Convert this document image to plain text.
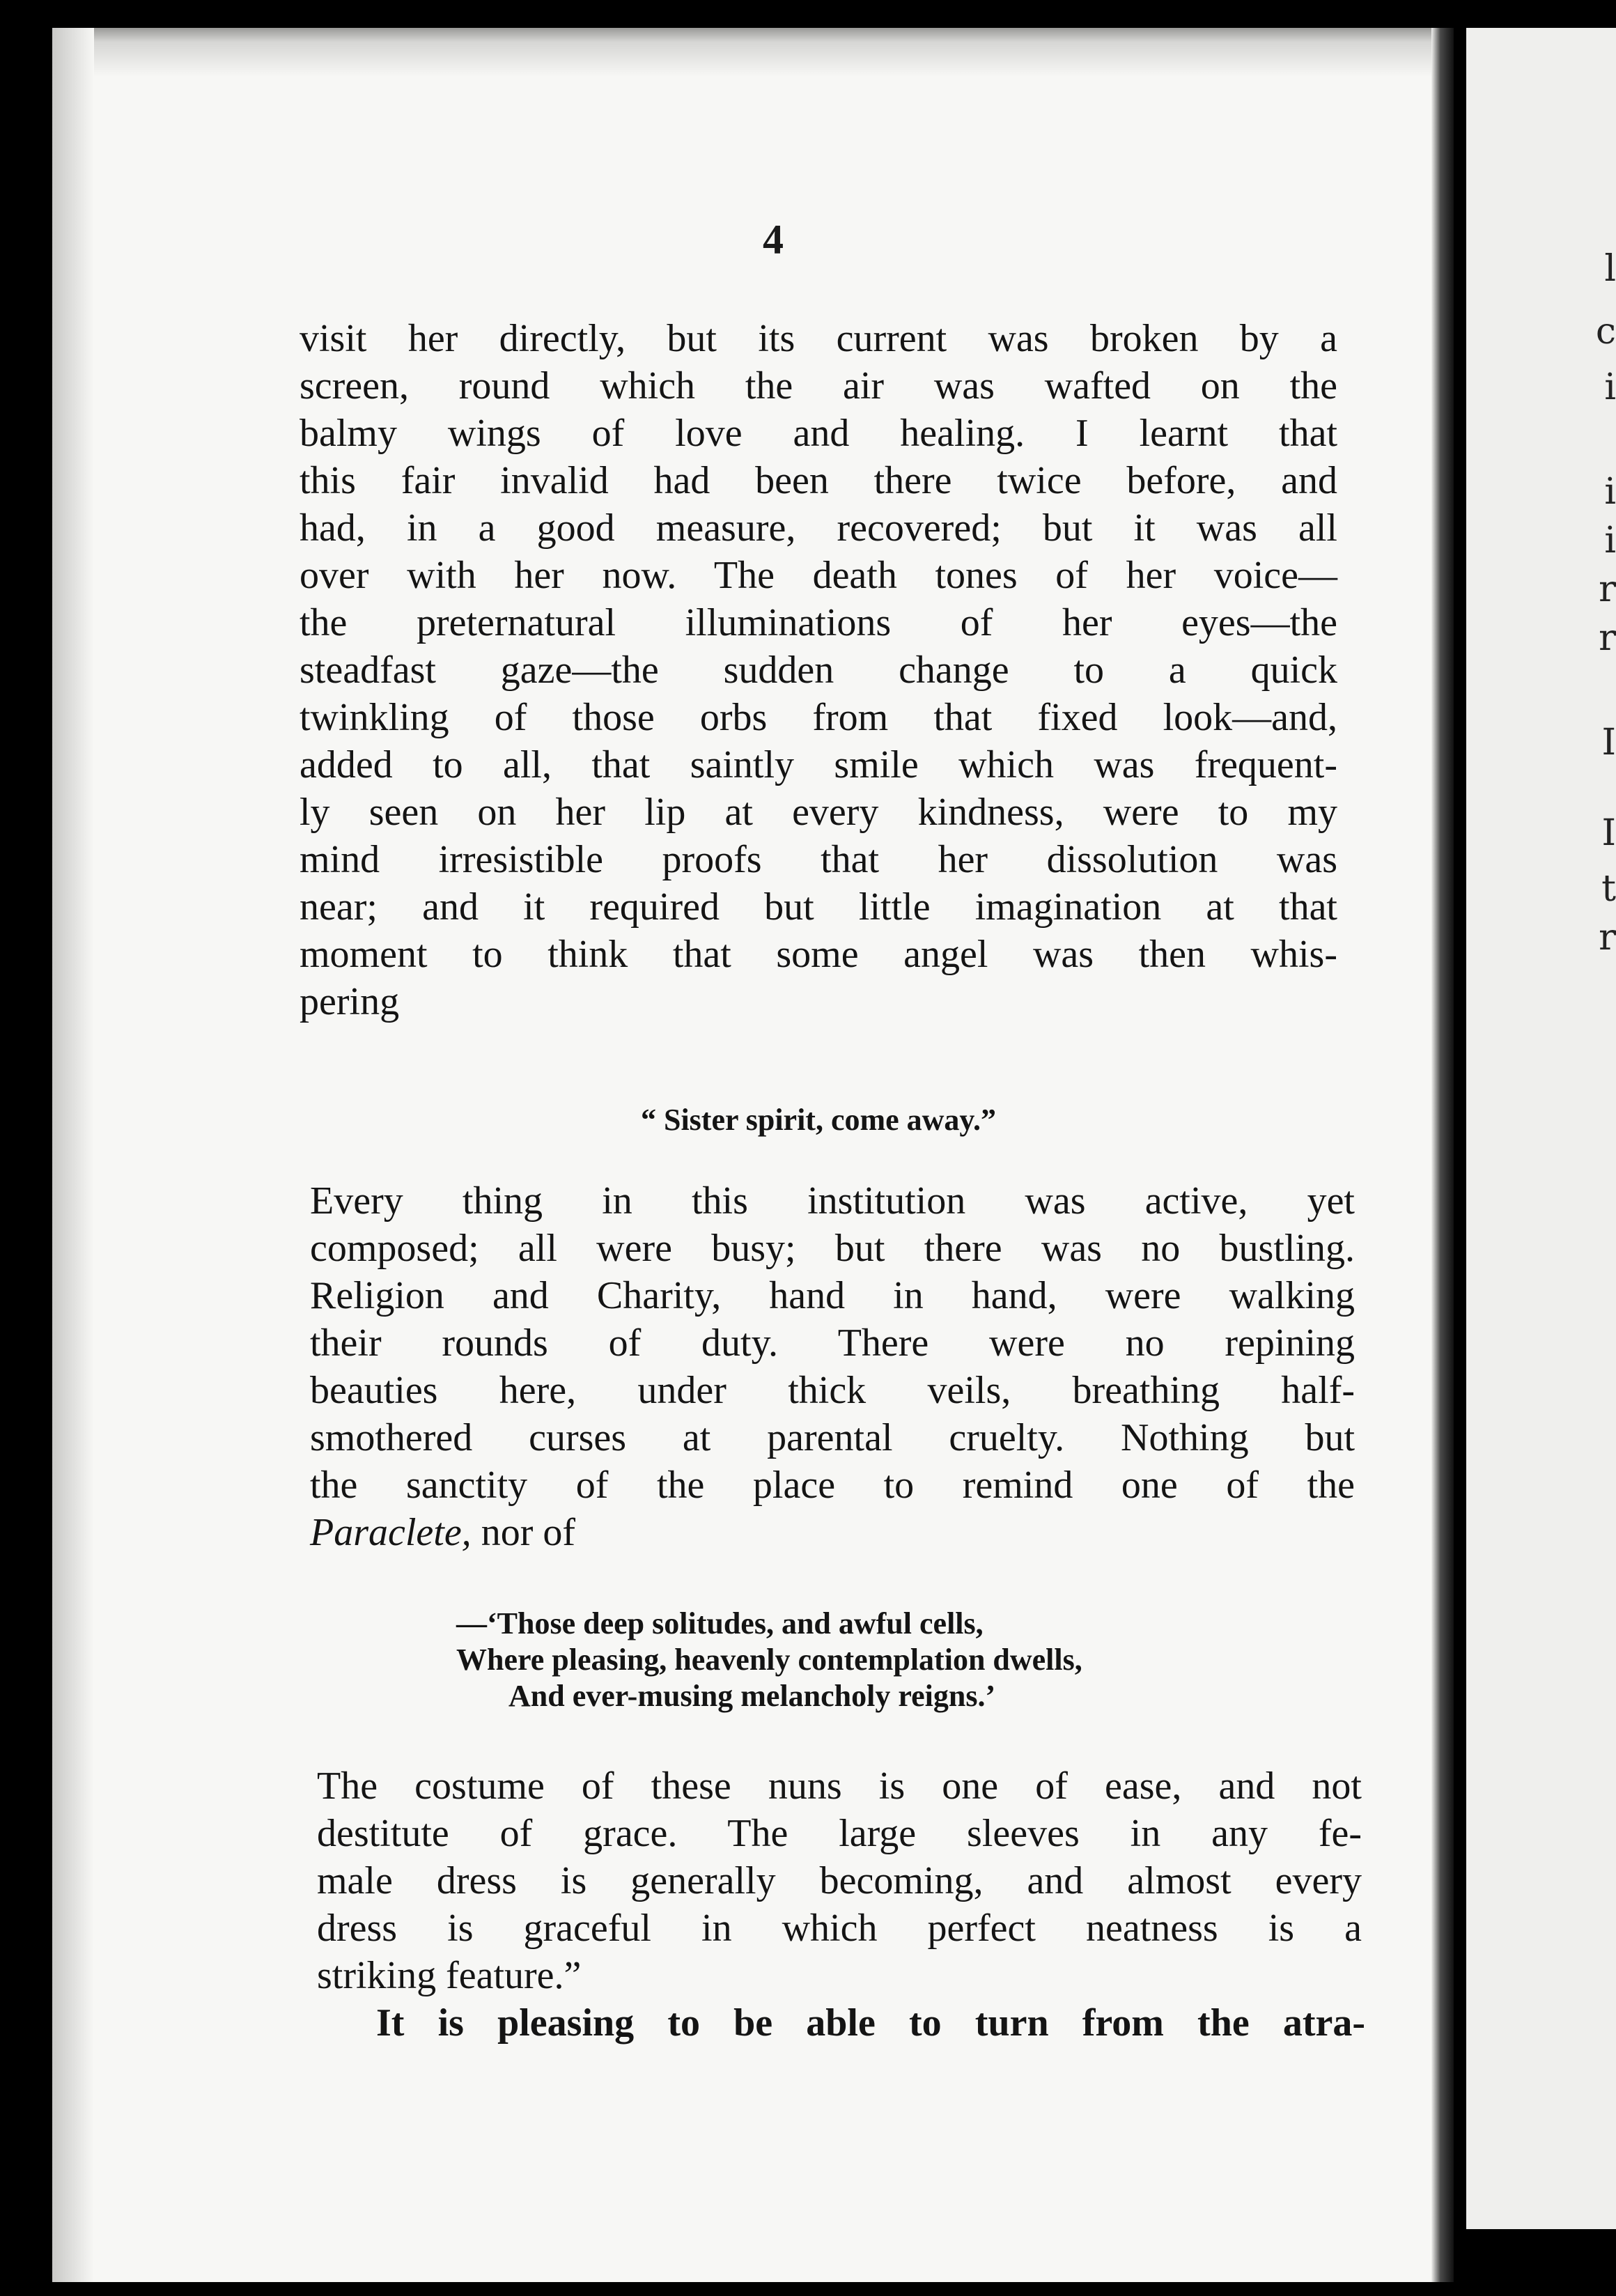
4
visit her directly, but its current was broken by a
screen, round which the air was wafted on the
balmy wings of love and healing. I learnt that
this fair invalid had been there twice before, and
had, in a good measure, recovered; but it was all
over with her now. The death tones of her voice—
the preternatural illuminations of her eyes—the
steadfast gaze—the sudden change to a quick
twinkling of those orbs from that fixed look—and,
added to all, that saintly smile which was frequent-
ly seen on her lip at every kindness, were to my
mind irresistible proofs that her dissolution was
near; and it required but little imagination at that
moment to think that some angel was then whis-
pering
“ Sister spirit, come away.”
Every thing in this institution was active, yet
composed; all were busy; but there was no bustling.
Religion and Charity, hand in hand, were walking
their rounds of duty. There were no repining
beauties here, under thick veils, breathing half-
smothered curses at parental cruelty. Nothing but
the sanctity of the place to remind one of the
Paraclete, nor of
—‘Those deep solitudes, and awful cells,
Where pleasing, heavenly contemplation dwells,
And ever-musing melancholy reigns.’
The costume of these nuns is one of ease, and not
destitute of grace. The large sleeves in any fe-
male dress is generally becoming, and almost every
dress is graceful in which perfect neatness is a
striking feature.”
It is pleasing to be able to turn from the atra-
l
c
i
i
i
r
r
I
I
t
r
